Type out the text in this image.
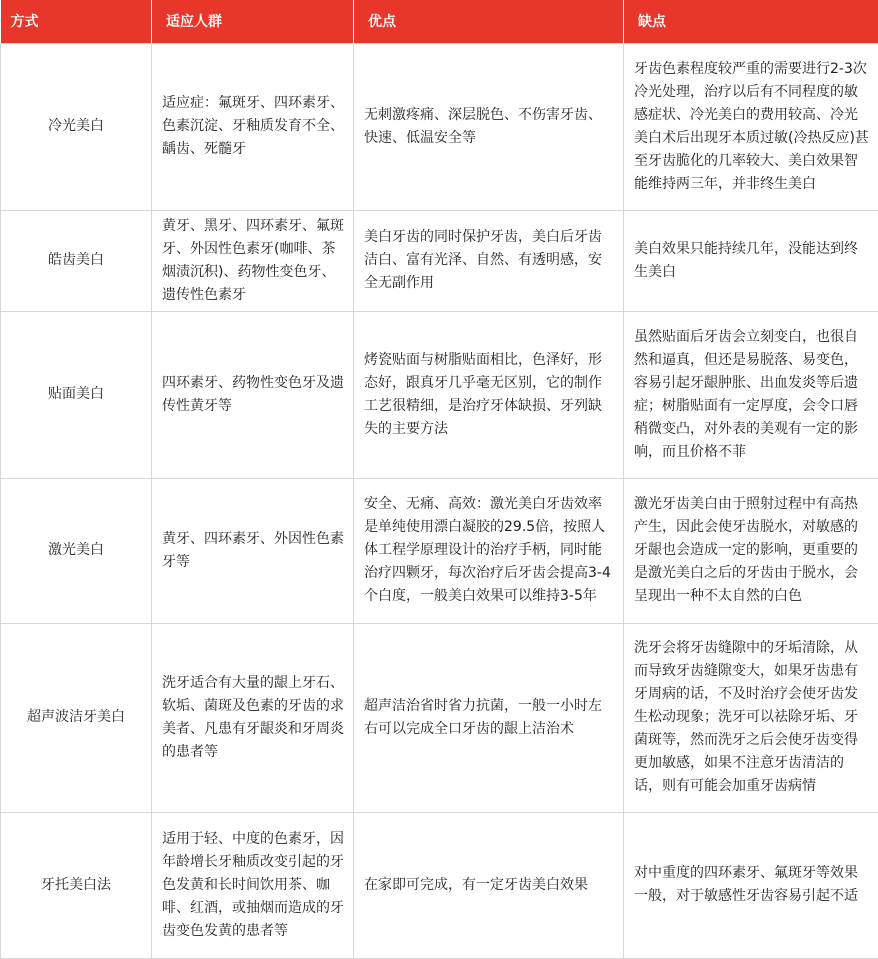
方式	适应人群	优点	缺点
冷光美白	适应症：氟斑牙、四环素牙、色素沉淀、牙釉质发育不全、龋齿、死髓牙	无刺激疼痛、深层脱色、不伤害牙齿、快速、低温安全等	牙齿色素程度较严重的需要进行2-3次冷光处理，治疗以后有不同程度的敏感症状、冷光美白的费用较高、冷光美白术后出现牙本质过敏(冷热反应)甚至牙齿脆化的几率较大、美白效果智能维持两三年，并非终生美白
皓齿美白	黄牙、黑牙、四环素牙、氟斑牙、外因性色素牙(咖啡、茶烟渍沉积)、药物性变色牙、遗传性色素牙	美白牙齿的同时保护牙齿，美白后牙齿洁白、富有光泽、自然、有透明感，安全无副作用	美白效果只能持续几年，没能达到终生美白
贴面美白	四环素牙、药物性变色牙及遗传性黄牙等	烤瓷贴面与树脂贴面相比，色泽好，形态好，跟真牙几乎毫无区别，它的制作工艺很精细，是治疗牙体缺损、牙列缺失的主要方法	虽然贴面后牙齿会立刻变白，也很自然和逼真，但还是易脱落、易变色，容易引起牙龈肿胀、出血发炎等后遗症；树脂贴面有一定厚度，会令口唇稍微变凸，对外表的美观有一定的影响，而且价格不菲
激光美白	黄牙、四环素牙、外因性色素牙等	安全、无痛、高效：激光美白牙齿效率是单纯使用漂白凝胶的29.5倍，按照人体工程学原理设计的治疗手柄，同时能治疗四颗牙，每次治疗后牙齿会提高3-4个白度，一般美白效果可以维持3-5年	激光牙齿美白由于照射过程中有高热产生，因此会使牙齿脱水，对敏感的牙龈也会造成一定的影响，更重要的是激光美白之后的牙齿由于脱水，会呈现出一种不太自然的白色
超声波洁牙美白	洗牙适合有大量的龈上牙石、软垢、菌斑及色素的牙齿的求美者、凡患有牙龈炎和牙周炎的患者等	超声洁治省时省力抗菌，一般一小时左右可以完成全口牙齿的龈上洁治术	洗牙会将牙齿缝隙中的牙垢清除，从而导致牙齿缝隙变大，如果牙齿患有牙周病的话，不及时治疗会使牙齿发生松动现象；洗牙可以祛除牙垢、牙菌斑等，然而洗牙之后会使牙齿变得更加敏感，如果不注意牙齿清洁的话，则有可能会加重牙齿病情
牙托美白法	适用于轻、中度的色素牙，因年龄增长牙釉质改变引起的牙色发黄和长时间饮用茶、咖啡、红酒，或抽烟而造成的牙齿变色发黄的患者等	在家即可完成，有一定牙齿美白效果	对中重度的四环素牙、氟斑牙等效果一般，对于敏感性牙齿容易引起不适
